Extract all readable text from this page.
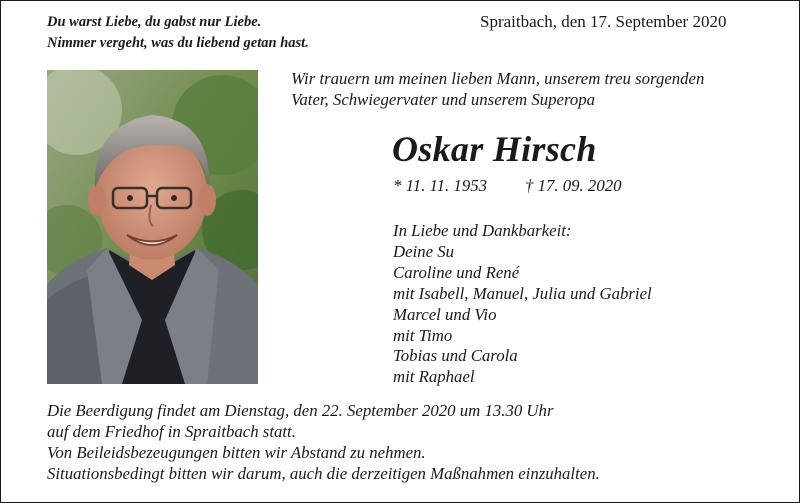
Du warst Liebe, du gabst nur Liebe.
Nimmer vergeht, was du liebend getan hast.
Spraitbach, den 17. September 2020
Wir trauern um meinen lieben Mann, unserem treu sorgenden
Vater, Schwiegervater und unserem Superopa
Oskar Hirsch
* 11. 11. 1953 † 17. 09. 2020
In Liebe und Dankbarkeit:
Deine Su
Caroline und René
mit Isabell, Manuel, Julia und Gabriel
Marcel und Vio
mit Timo
Tobias und Carola
mit Raphael
Die Beerdigung findet am Dienstag, den 22. September 2020 um 13.30 Uhr
auf dem Friedhof in Spraitbach statt.
Von Beileidsbezeugungen bitten wir Abstand zu nehmen.
Situationsbedingt bitten wir darum, auch die derzeitigen Maßnahmen einzuhalten.
